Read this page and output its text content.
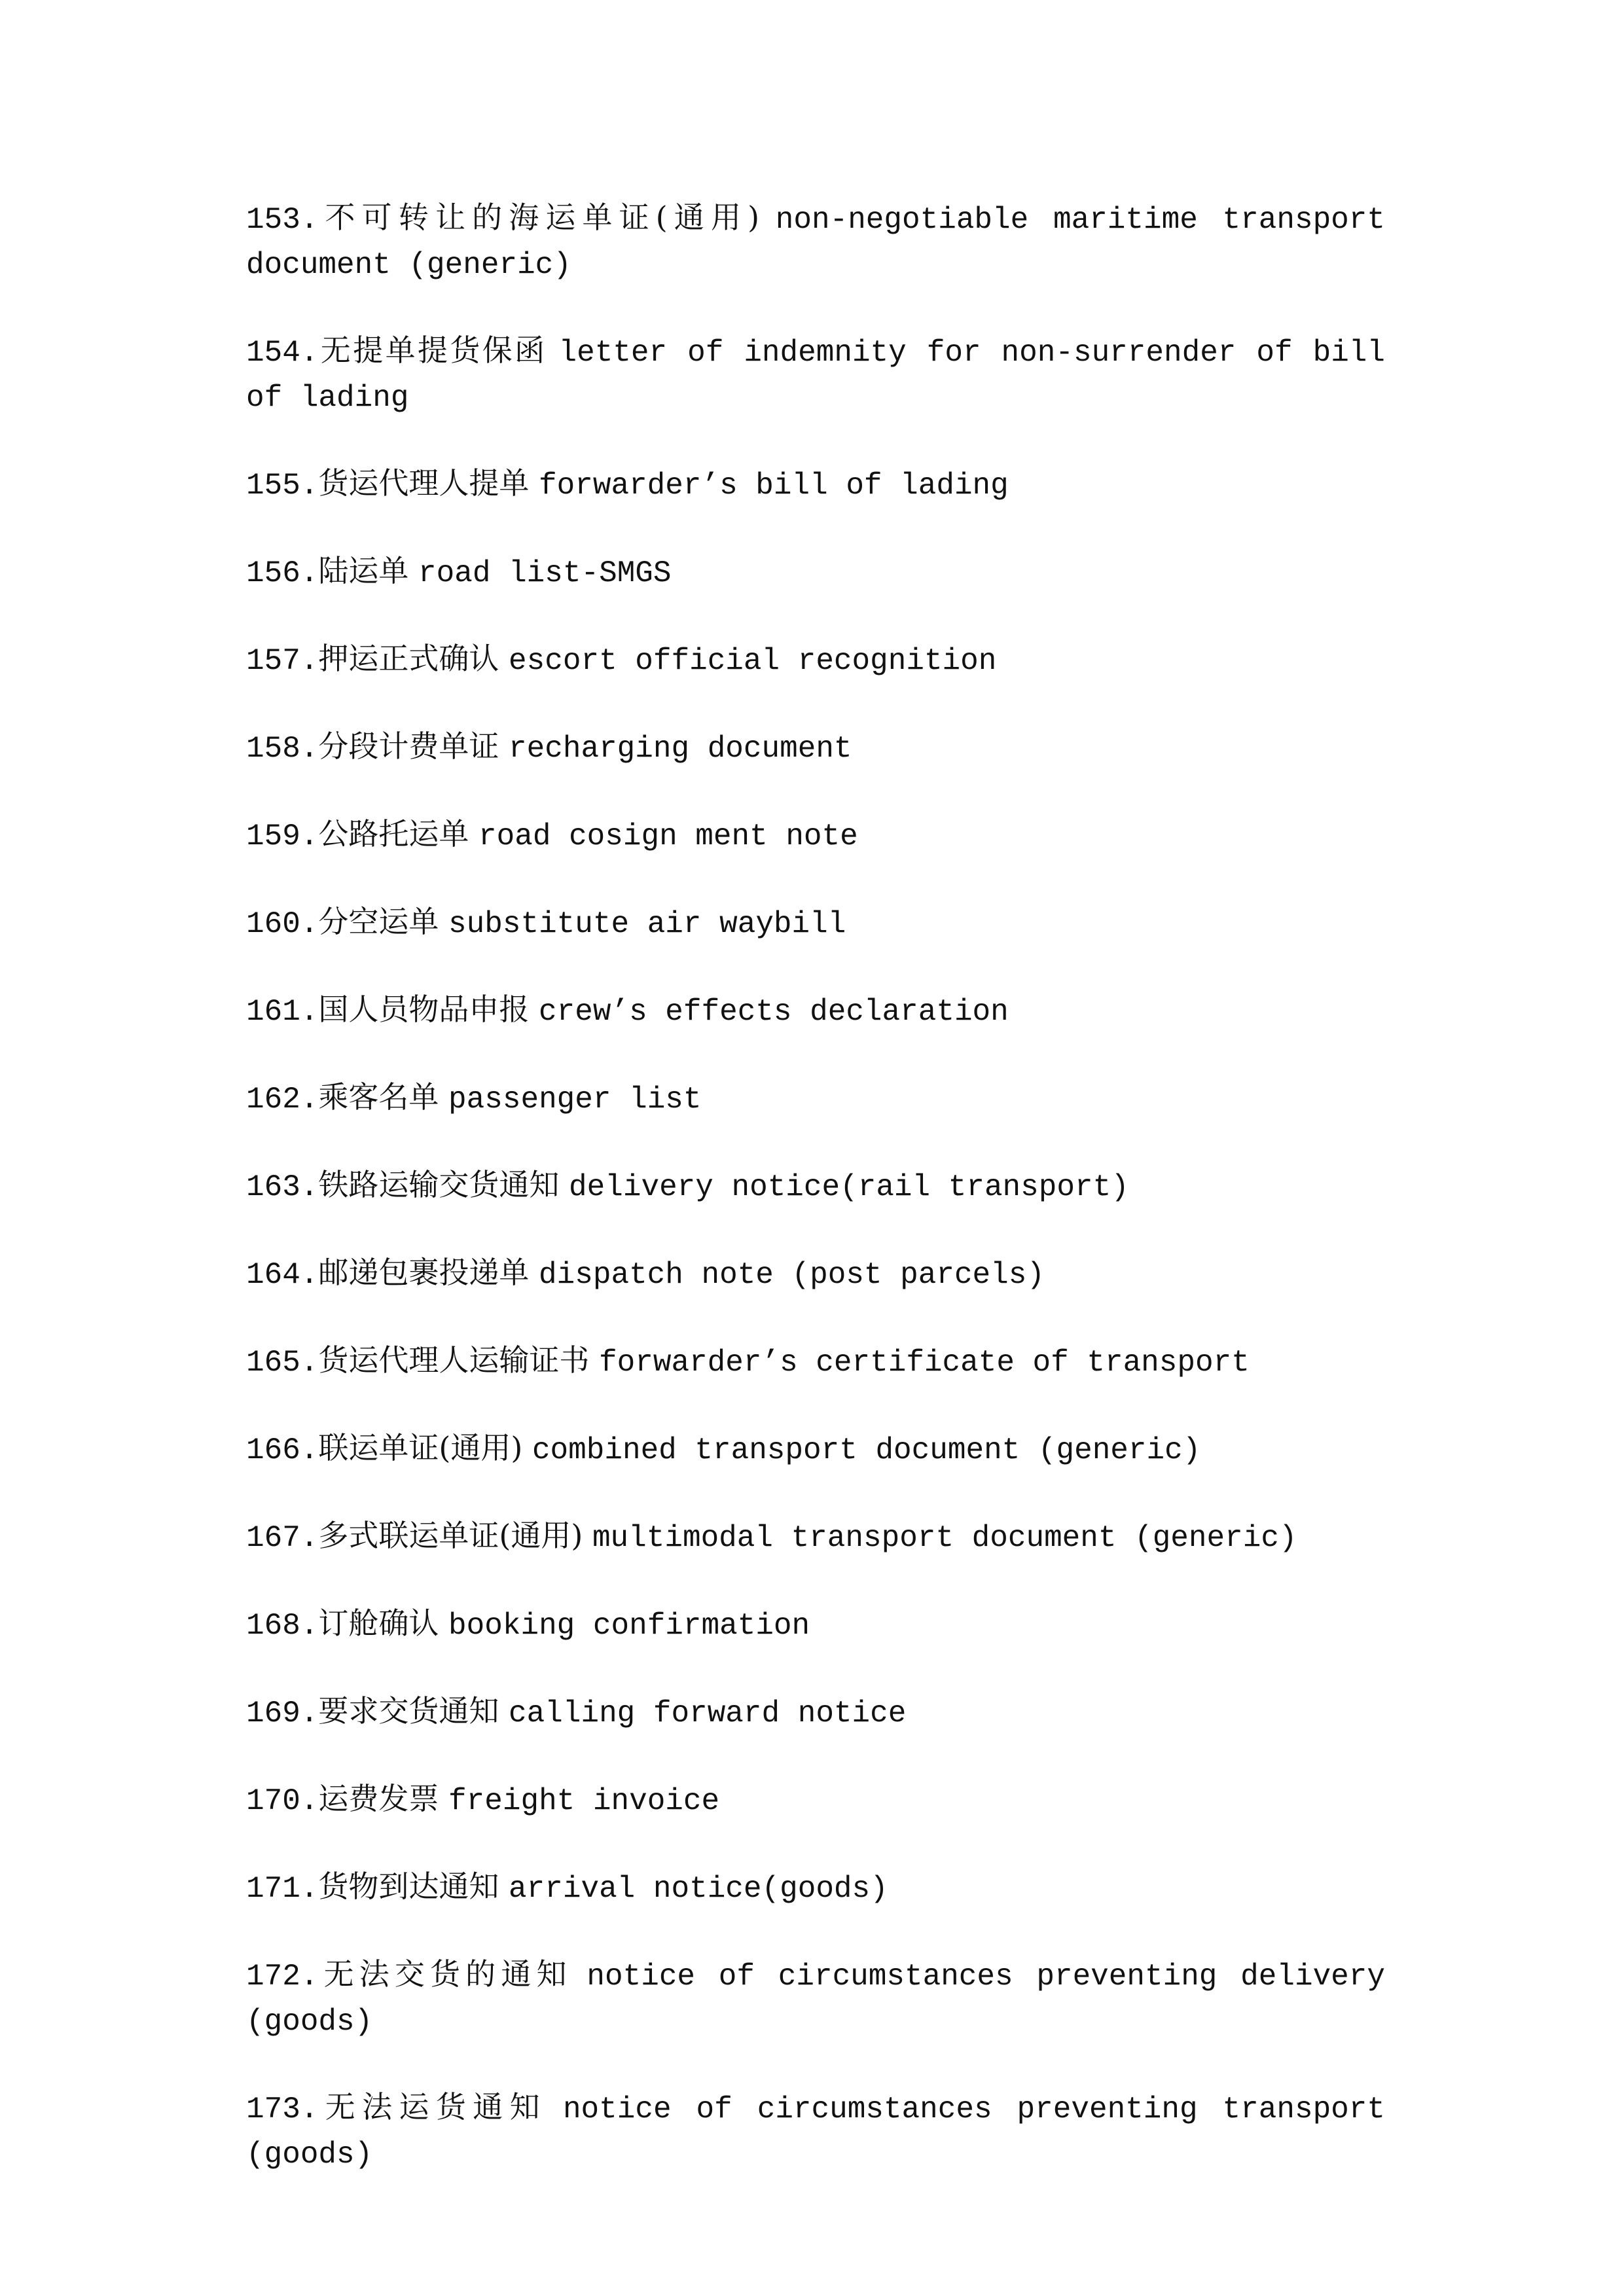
153.不可转让的海运单证(通用) non-negotiable maritime transport document (generic)

154.无提单提货保函 letter of indemnity for non-surrender of bill of lading

155.货运代理人提单 forwarder’s bill of lading

156.陆运单 road list-SMGS

157.押运正式确认 escort official recognition

158.分段计费单证 recharging document

159.公路托运单 road cosign ment note

160.分空运单 substitute air waybill

161.国人员物品申报 crew’s effects declaration

162.乘客名单 passenger list

163.铁路运输交货通知 delivery notice(rail transport)

164.邮递包裹投递单 dispatch note (post parcels)

165.货运代理人运输证书 forwarder’s certificate of transport

166.联运单证(通用) combined transport document (generic)

167.多式联运单证(通用) multimodal transport document (generic)

168.订舱确认 booking confirmation

169.要求交货通知 calling forward notice

170.运费发票 freight invoice

171.货物到达通知 arrival notice(goods)

172.无法交货的通知 notice of circumstances preventing delivery (goods)

173.无法运货通知 notice of circumstances preventing transport (goods)
